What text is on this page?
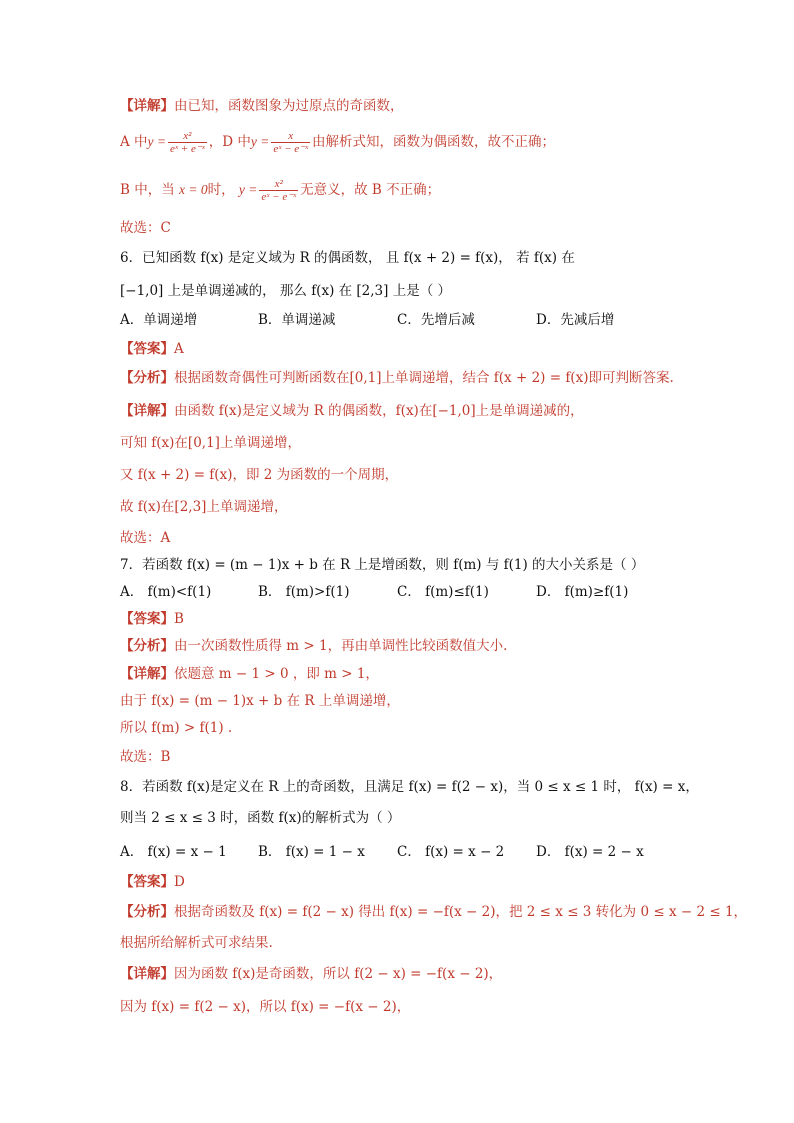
【详解】由已知，函数图象为过原点的奇函数，
A 中$y = \frac{\text{x²}}{\text{eˣ + e⁻ˣ}}$ ，D 中$y = \frac{x}{\text{eˣ − e⁻ˣ}}$ 由解析式知，函数为偶函数，故不正确；
B 中，当 x = 0时， $y = \frac{\text{x²}}{\text{eˣ − e⁻ˣ}}$ 无意义，故 B 不正确；
故选：C
6．已知函数 f(x) 是定义域为 R 的偶函数， 且 f(x + 2) = f(x)， 若 f(x) 在
[−1,0] 上是单调递减的， 那么 f(x) 在 [2,3] 上是（ ）
A．单调递增	B．单调递减	C．先增后减	D．先减后增
【答案】A
【分析】根据函数奇偶性可判断函数在[0,1]上单调递增，结合 f(x + 2) = f(x)即可判断答案.
【详解】由函数 f(x)是定义域为 R 的偶函数，f(x)在[−1,0]上是单调递减的，
可知 f(x)在[0,1]上单调递增，
又 f(x + 2) = f(x)，即 2 为函数的一个周期，
故 f(x)在[2,3]上单调递增，
故选：A
7．若函数 f(x) = (m − 1)x + b 在 R 上是增函数，则 f(m) 与 f(1) 的大小关系是（ ）
A． f(m)<f(1)	B． f(m)>f(1)	C． f(m)≤f(1)	D． f(m)≥f(1)
【答案】B
【分析】由一次函数性质得 m > 1，再由单调性比较函数值大小.
【详解】依题意 m − 1 > 0 ，即 m > 1，
由于 f(x) = (m − 1)x + b 在 R 上单调递增，
所以 f(m) > f(1) .
故选：B
8．若函数 f(x)是定义在 R 上的奇函数，且满足 f(x) = f(2 − x)，当 0 ≤ x ≤ 1 时， f(x) = x，
则当 2 ≤ x ≤ 3 时，函数 f(x)的解析式为（ ）
A． f(x) = x − 1 B． f(x) = 1 − x C． f(x) = x − 2 D． f(x) = 2 − x
【答案】D
【分析】根据奇函数及 f(x) = f(2 − x) 得出 f(x) = −f(x − 2)，把 2 ≤ x ≤ 3 转化为 0 ≤ x − 2 ≤ 1，
根据所给解析式可求结果.
【详解】因为函数 f(x)是奇函数，所以 f(2 − x) = −f(x − 2)，
因为 f(x) = f(2 − x)，所以 f(x) = −f(x − 2)，
